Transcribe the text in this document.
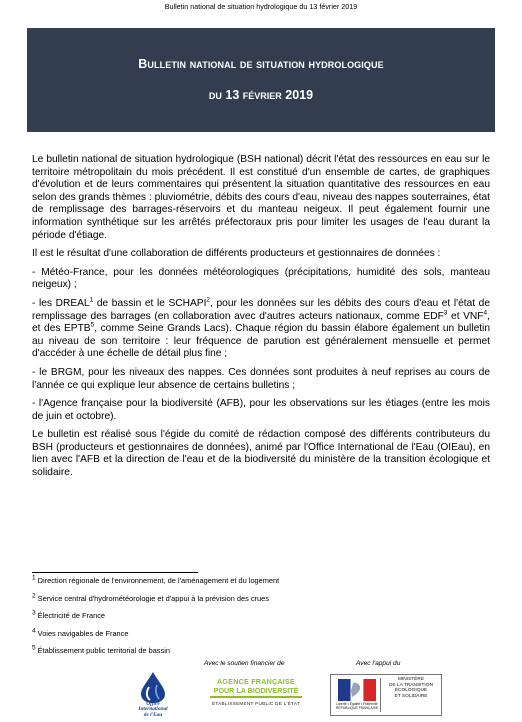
Bulletin national de situation hydrologique du 13 février 2019
Bulletin national de situation hydrologique
du 13 février 2019

Le bulletin national de situation hydrologique (BSH national) décrit l'état des ressources en eau sur le territoire métropolitain du mois précédent. Il est constitué d'un ensemble de cartes, de graphiques d'évolution et de leurs commentaires qui présentent la situation quantitative des ressources en eau selon des grands thèmes : pluviométrie, débits des cours d'eau, niveau des nappes souterraines, état de remplissage des barrages-réservoirs et du manteau neigeux. Il peut également fournir une information synthétique sur les arrêtés préfectoraux pris pour limiter les usages de l'eau durant la période d'étiage.

Il est le résultat d'une collaboration de différents producteurs et gestionnaires de données :

- Météo-France, pour les données météorologiques (précipitations, humidité des sols, manteau neigeux) ;

- les DREAL$^1$ de bassin et le SCHAPI$^2$, pour les données sur les débits des cours d'eau et l'état de remplissage des barrages (en collaboration avec d'autres acteurs nationaux, comme EDF$^3$ et VNF$^4$, et des EPTB$^5$, comme Seine Grands Lacs). Chaque région du bassin élabore également un bulletin au niveau de son territoire : leur fréquence de parution est généralement mensuelle et permet d'accéder à une échelle de détail plus fine ;

- le BRGM, pour les niveaux des nappes. Ces données sont produites à neuf reprises au cours de l'année ce qui explique leur absence de certains bulletins ;

- l'Agence française pour la biodiversité (AFB), pour les observations sur les étiages (entre les mois de juin et octobre).

Le bulletin est réalisé sous l'égide du comité de rédaction composé des différents contributeurs du BSH (producteurs et gestionnaires de données), animé par l'Office International de l'Eau (OIEau), en lien avec l'AFB et la direction de l'eau et de la biodiversité du ministère de la transition écologique et solidaire.

$^1$ Direction régionale de l'environnement, de l'aménagement et du logement
$^2$ Service central d'hydrométéorologie et d'appui à la prévision des crues
$^3$ Électricité de France
$^4$ Voies navigables de France
$^5$ Établissement public territorial de bassin
Avec le soutien financier de	Avec l'appui du
Office
International
de l'Eau
AGENCE FRANÇAISE
POUR LA BIODIVERSITÉ
ÉTABLISSEMENT PUBLIC DE L'ÉTAT	Liberté • Égalité • Fraternité
RÉPUBLIQUE FRANÇAISE
MINISTÈRE
DE LA TRANSITION
ÉCOLOGIQUE
ET SOLIDAIRE
